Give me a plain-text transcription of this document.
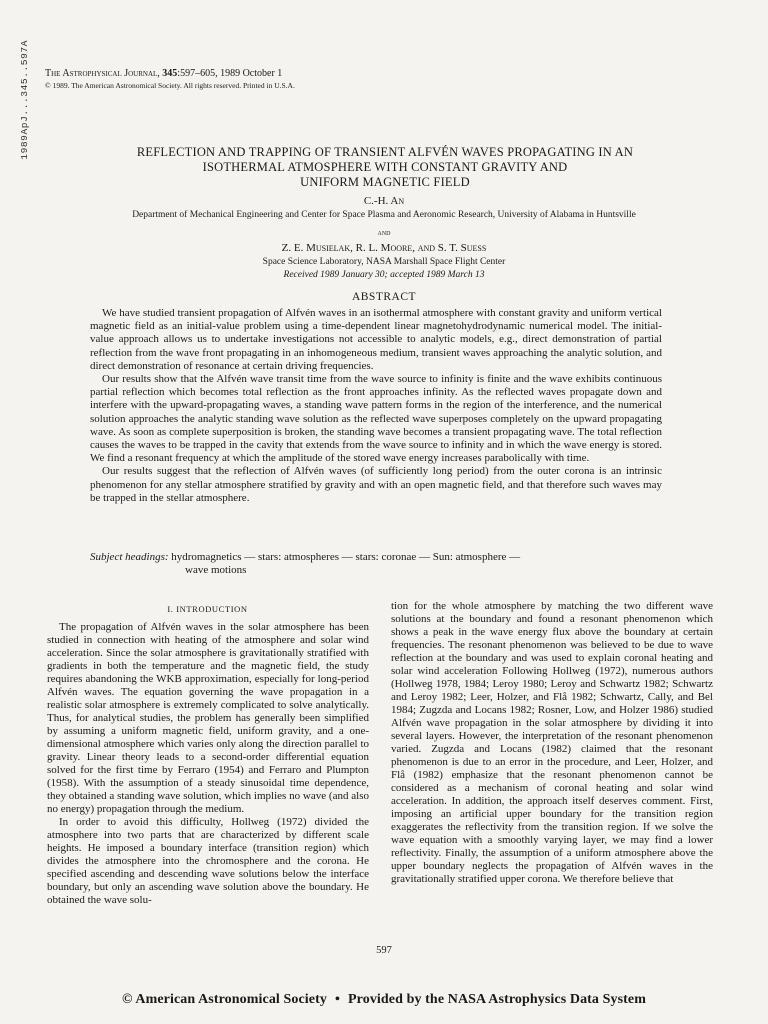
1989ApJ...345..597A The Astrophysical Journal, 345:597–605, 1989 October 1
© 1989. The American Astronomical Society. All rights reserved. Printed in U.S.A.
REFLECTION AND TRAPPING OF TRANSIENT ALFVÉN WAVES PROPAGATING IN AN
ISOTHERMAL ATMOSPHERE WITH CONSTANT GRAVITY AND
UNIFORM MAGNETIC FIELD
C.-H. An
Department of Mechanical Engineering and Center for Space Plasma and Aeronomic Research, University of Alabama in Huntsville
and
Z. E. Musielak, R. L. Moore, and S. T. Suess
Space Science Laboratory, NASA Marshall Space Flight Center
Received 1989 January 30; accepted 1989 March 13
ABSTRACT

We have studied transient propagation of Alfvén waves in an isothermal atmosphere with constant gravity and uniform vertical magnetic field as an initial-value problem using a time-dependent linear magnetohydrodynamic numerical model. The initial-value approach allows us to undertake investigations not accessible to analytic models, e.g., direct demonstration of partial reflection from the wave front propagating in an inhomogeneous medium, transient waves approaching the analytic solution, and direct demonstration of resonance at certain driving frequencies.

Our results show that the Alfvén wave transit time from the wave source to infinity is finite and the wave exhibits continuous partial reflection which becomes total reflection as the front approaches infinity. As the reflected waves propagate down and interfere with the upward-propagating waves, a standing wave pattern forms in the region of the interference, and the numerical solution approaches the analytic standing wave solution as the reflected wave superposes completely on the upward propagating wave. As soon as complete superposition is broken, the standing wave becomes a transient propagating wave. The total reflection causes the waves to be trapped in the cavity that extends from the wave source to infinity and in which the wave energy is stored. We find a resonant frequency at which the amplitude of the stored wave energy increases parabolically with time.

Our results suggest that the reflection of Alfvén waves (of sufficiently long period) from the outer corona is an intrinsic phenomenon for any stellar atmosphere stratified by gravity and with an open magnetic field, and that therefore such waves may be trapped in the stellar atmosphere.

Subject headings: hydromagnetics — stars: atmospheres — stars: coronae — Sun: atmosphere —
wave motions
I. INTRODUCTION

The propagation of Alfvén waves in the solar atmosphere has been studied in connection with heating of the atmosphere and solar wind acceleration. Since the solar atmosphere is gravitationally stratified with gradients in both the temperature and the magnetic field, the study requires abandoning the WKB approximation, especially for long-period Alfvén waves. The equation governing the wave propagation in a realistic solar atmosphere is extremely complicated to solve analytically. Thus, for analytical studies, the problem has generally been simplified by assuming a uniform magnetic field, uniform gravity, and a one-dimensional atmosphere which varies only along the direction parallel to gravity. Linear theory leads to a second-order differential equation solved for the first time by Ferraro (1954) and Ferraro and Plumpton (1958). With the assumption of a steady sinusoidal time dependence, they obtained a standing wave solution, which implies no wave (and also no energy) propagation through the medium.

In order to avoid this difficulty, Hollweg (1972) divided the atmosphere into two parts that are characterized by different scale heights. He imposed a boundary interface (transition region) which divides the atmosphere into the chromosphere and the corona. He specified ascending and descending wave solutions below the interface boundary, but only an ascending wave solution above the boundary. He obtained the wave solu-

tion for the whole atmosphere by matching the two different wave solutions at the boundary and found a resonant phenomenon which shows a peak in the wave energy flux above the boundary at certain frequencies. The resonant phenomenon was believed to be due to wave reflection at the boundary and was used to explain coronal heating and solar wind acceleration Following Hollweg (1972), numerous authors (Hollweg 1978, 1984; Leroy 1980; Leroy and Schwartz 1982; Schwartz and Leroy 1982; Leer, Holzer, and Flå 1982; Schwartz, Cally, and Bel 1984; Zugzda and Locans 1982; Rosner, Low, and Holzer 1986) studied Alfvén wave propagation in the solar atmosphere by dividing it into several layers. However, the interpretation of the resonant phenomenon varied. Zugzda and Locans (1982) claimed that the resonant phenomenon is due to an error in the procedure, and Leer, Holzer, and Flå (1982) emphasize that the resonant phenomenon cannot be considered as a mechanism of coronal heating and solar wind acceleration. In addition, the approach itself deserves comment. First, imposing an artificial upper boundary for the transition region exaggerates the reflectivity from the transition region. If we solve the wave equation with a smoothly varying layer, we may find a lower reflectivity. Finally, the assumption of a uniform atmosphere above the upper boundary neglects the propagation of Alfvén waves in the gravitationally stratified upper corona. We therefore believe that

597
© American Astronomical Society • Provided by the NASA Astrophysics Data System
